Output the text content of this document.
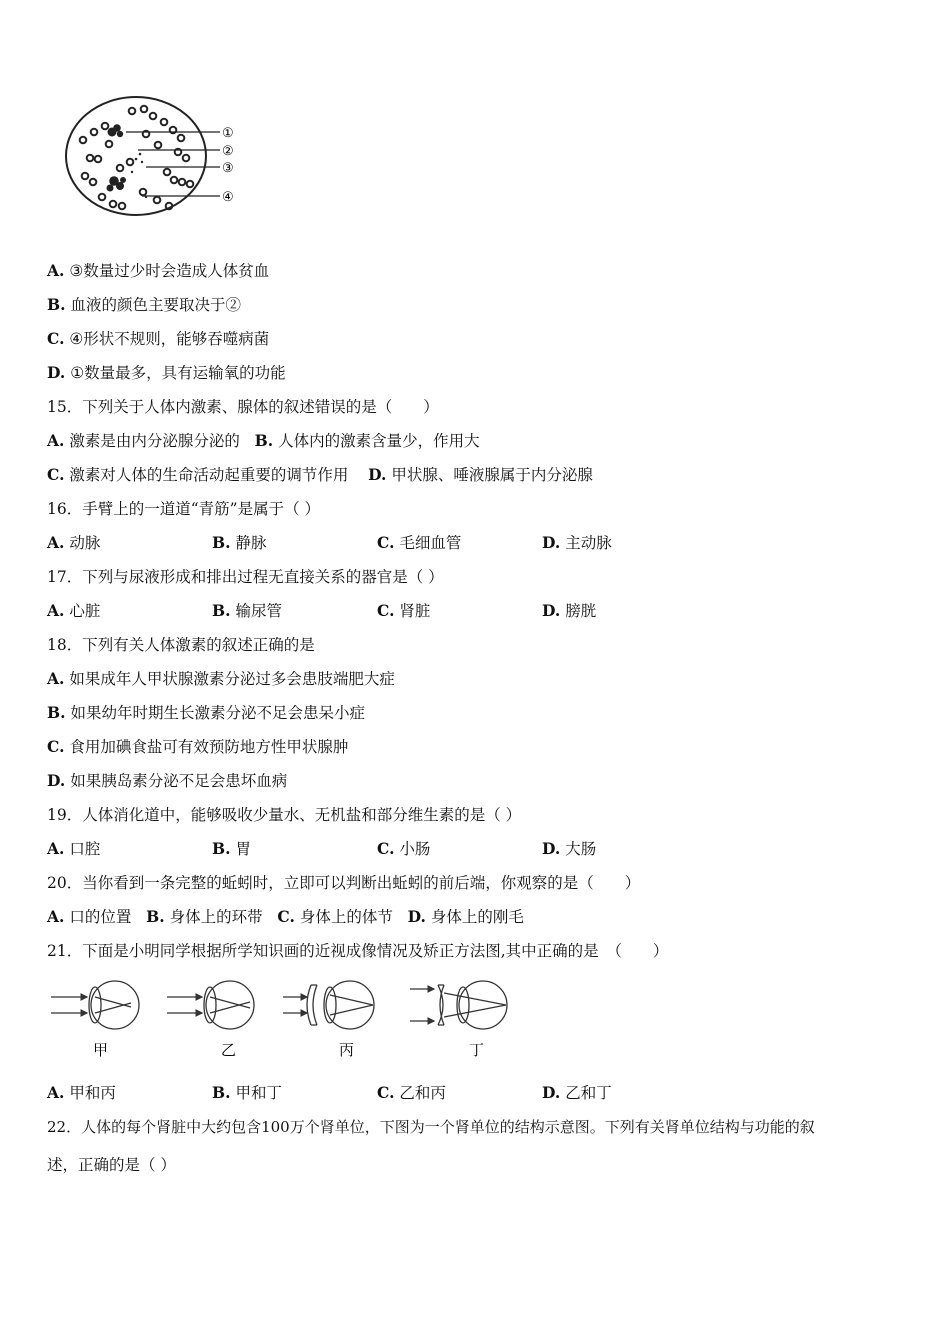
①
②
③
④
A. ③数量过少时会造成人体贫血
B. 血液的颜色主要取决于②
C. ④形状不规则，能够吞噬病菌
D. ①数量最多，具有运输氧的功能
15．下列关于人体内激素、腺体的叙述错误的是（　　）
A. 激素是由内分泌腺分泌的 B. 人体内的激素含量少，作用大
C. 激素对人体的生命活动起重要的调节作用 D. 甲状腺、唾液腺属于内分泌腺
16．手臂上的一道道“青筋”是属于（ ）
A. 动脉	B. 静脉	C. 毛细血管	D. 主动脉
17．下列与尿液形成和排出过程无直接关系的器官是（ ）
A. 心脏	B. 输尿管	C. 肾脏	D. 膀胱
18．下列有关人体激素的叙述正确的是
A. 如果成年人甲状腺激素分泌过多会患肢端肥大症
B. 如果幼年时期生长激素分泌不足会患呆小症
C. 食用加碘食盐可有效预防地方性甲状腺肿
D. 如果胰岛素分泌不足会患坏血病
19．人体消化道中，能够吸收少量水、无机盐和部分维生素的是（ ）
A. 口腔	B. 胃	C. 小肠	D. 大肠
20．当你看到一条完整的蚯蚓时，立即可以判断出蚯蚓的前后端，你观察的是（　　）
A. 口的位置 B. 身体上的环带 C. 身体上的体节 D. 身体上的刚毛
21．下面是小明同学根据所学知识画的近视成像情况及矫正方法图,其中正确的是　（　　）
甲	乙	丙	丁
A. 甲和丙	B. 甲和丁	C. 乙和丙	D. 乙和丁
22．人体的每个肾脏中大约包含100万个肾单位，下图为一个肾单位的结构示意图。下列有关肾单位结构与功能的叙
述，正确的是（ ）
